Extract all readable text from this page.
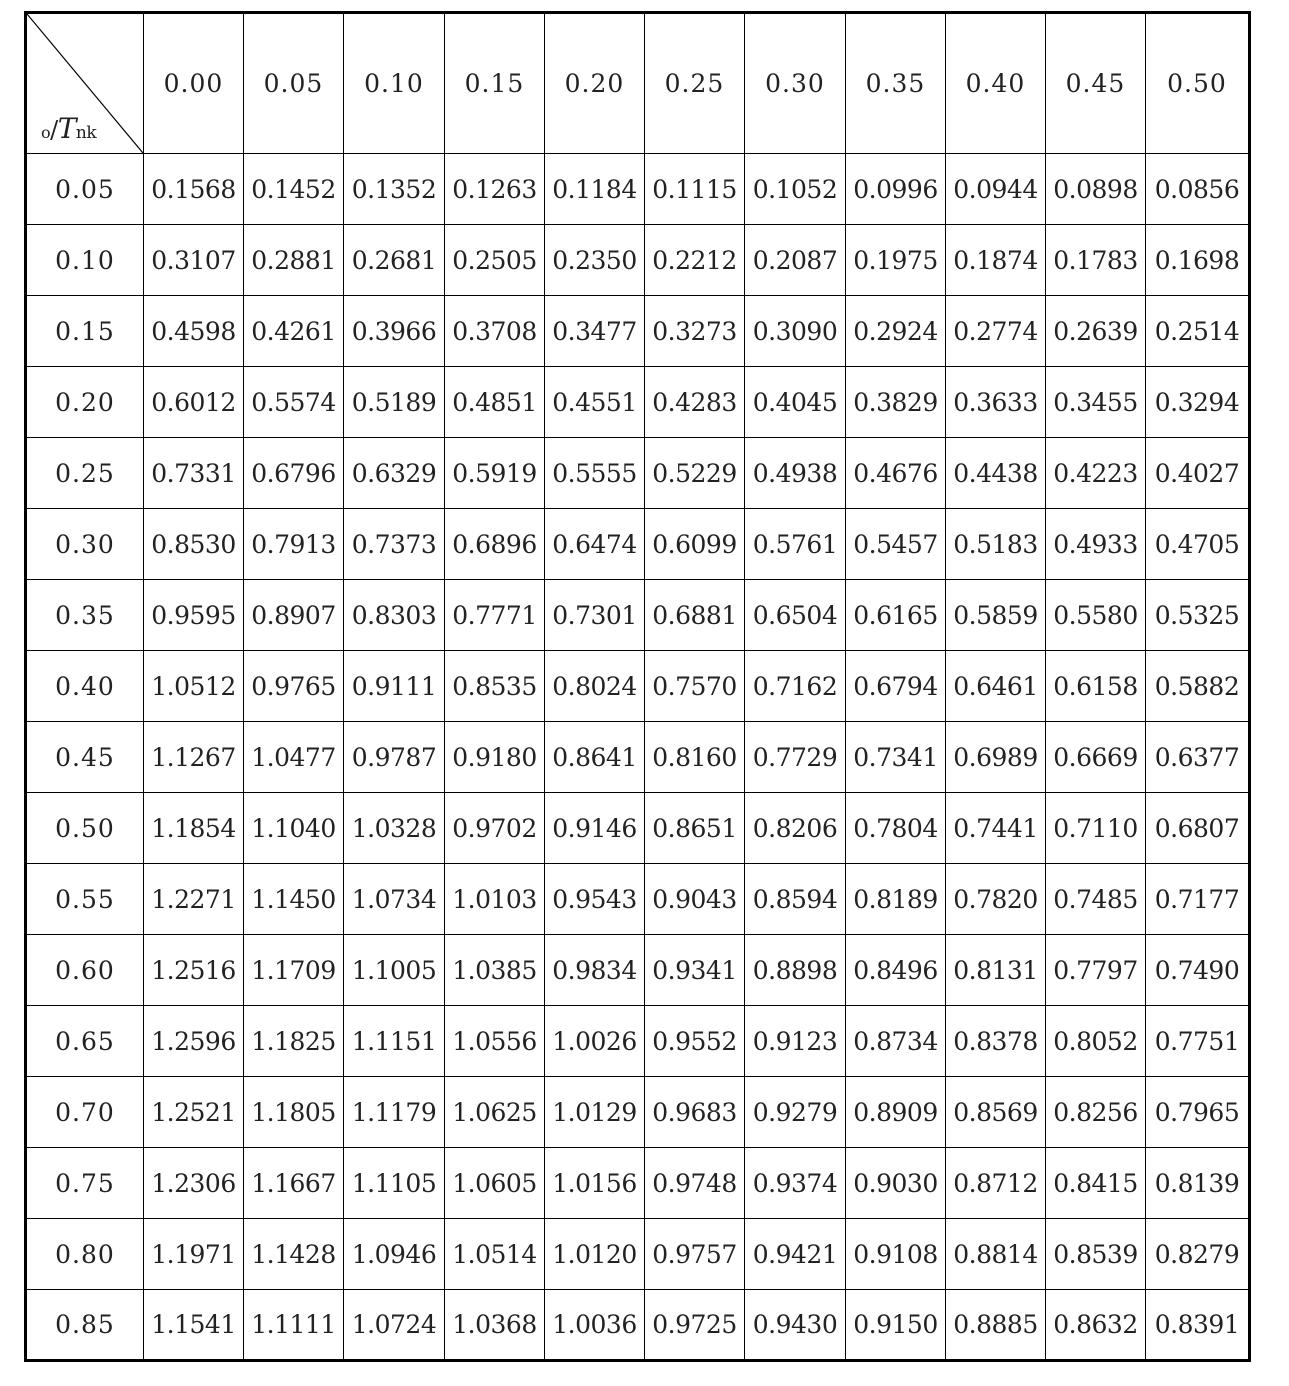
o/Tnk	0.00	0.05	0.10	0.15	0.20	0.25	0.30	0.35	0.40	0.45	0.50
0.05	0.1568	0.1452	0.1352	0.1263	0.1184	0.1115	0.1052	0.0996	0.0944	0.0898	0.0856
0.10	0.3107	0.2881	0.2681	0.2505	0.2350	0.2212	0.2087	0.1975	0.1874	0.1783	0.1698
0.15	0.4598	0.4261	0.3966	0.3708	0.3477	0.3273	0.3090	0.2924	0.2774	0.2639	0.2514
0.20	0.6012	0.5574	0.5189	0.4851	0.4551	0.4283	0.4045	0.3829	0.3633	0.3455	0.3294
0.25	0.7331	0.6796	0.6329	0.5919	0.5555	0.5229	0.4938	0.4676	0.4438	0.4223	0.4027
0.30	0.8530	0.7913	0.7373	0.6896	0.6474	0.6099	0.5761	0.5457	0.5183	0.4933	0.4705
0.35	0.9595	0.8907	0.8303	0.7771	0.7301	0.6881	0.6504	0.6165	0.5859	0.5580	0.5325
0.40	1.0512	0.9765	0.9111	0.8535	0.8024	0.7570	0.7162	0.6794	0.6461	0.6158	0.5882
0.45	1.1267	1.0477	0.9787	0.9180	0.8641	0.8160	0.7729	0.7341	0.6989	0.6669	0.6377
0.50	1.1854	1.1040	1.0328	0.9702	0.9146	0.8651	0.8206	0.7804	0.7441	0.7110	0.6807
0.55	1.2271	1.1450	1.0734	1.0103	0.9543	0.9043	0.8594	0.8189	0.7820	0.7485	0.7177
0.60	1.2516	1.1709	1.1005	1.0385	0.9834	0.9341	0.8898	0.8496	0.8131	0.7797	0.7490
0.65	1.2596	1.1825	1.1151	1.0556	1.0026	0.9552	0.9123	0.8734	0.8378	0.8052	0.7751
0.70	1.2521	1.1805	1.1179	1.0625	1.0129	0.9683	0.9279	0.8909	0.8569	0.8256	0.7965
0.75	1.2306	1.1667	1.1105	1.0605	1.0156	0.9748	0.9374	0.9030	0.8712	0.8415	0.8139
0.80	1.1971	1.1428	1.0946	1.0514	1.0120	0.9757	0.9421	0.9108	0.8814	0.8539	0.8279
0.85	1.1541	1.1111	1.0724	1.0368	1.0036	0.9725	0.9430	0.9150	0.8885	0.8632	0.8391
